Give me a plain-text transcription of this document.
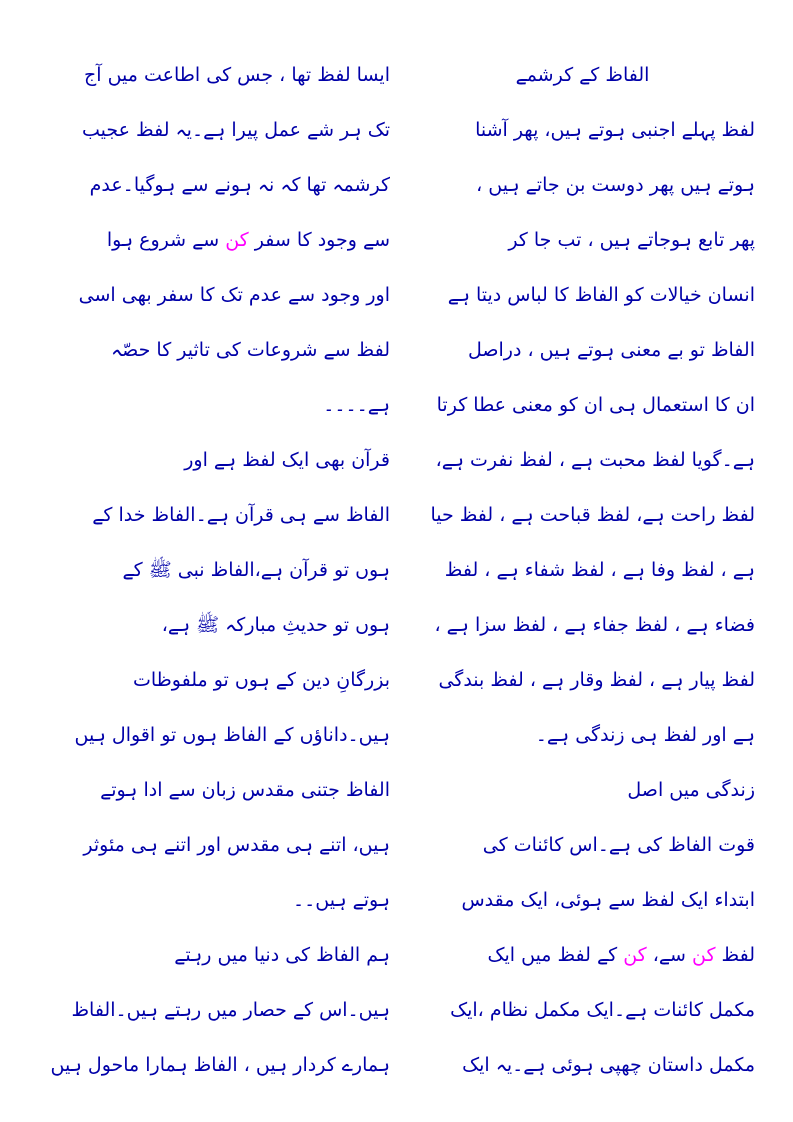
الفاظ کے کرشمے
لفظ پہلے اجنبی ہوتے ہیں، پھر آشنا
ہوتے ہیں پھر دوست بن جاتے ہیں ،
پھر تابع ہوجاتے ہیں ، تب جا کر
انسان خیالات کو الفاظ کا لباس دیتا ہے
الفاظ تو بے معنی ہوتے ہیں ، دراصل
ان کا استعمال ہی ان کو معنی عطا کرتا
ہے۔گویا لفظ محبت ہے ، لفظ نفرت ہے،
لفظ راحت ہے، لفظ قباحت ہے ، لفظ حیا
ہے ، لفظ وفا ہے ، لفظ شفاء ہے ، لفظ
فضاء ہے ، لفظ جفاء ہے ، لفظ سزا ہے ،
لفظ پیار ہے ، لفظ وقار ہے ، لفظ بندگی
ہے اور لفظ ہی زندگی ہے۔
زندگی میں اصل
قوت الفاظ کی ہے۔اس کائنات کی
ابتداء ایک لفظ سے ہوئی، ایک مقدس
لفظ کن سے، کن کے لفظ میں ایک
مکمل کائنات ہے۔ایک مکمل نظام ،ایک
مکمل داستان چھپی ہوئی ہے۔یہ ایک
ایسا لفظ تھا ، جس کی اطاعت میں آج
تک ہر شے عمل پیرا ہے۔یہ لفظ عجیب
کرشمہ تھا کہ نہ ہونے سے ہوگیا۔عدم
سے وجود کا سفر کن سے شروع ہوا
اور وجود سے عدم تک کا سفر بھی اسی
لفظ سے شروعات کی تاثیر کا حصّہ
ہے۔۔۔۔
قرآن بھی ایک لفظ ہے اور
الفاظ سے ہی قرآن ہے۔الفاظ خدا کے
ہوں تو قرآن ہے،الفاظ نبی ﷺ کے
ہوں تو حدیثِ مبارکہ ﷺ ہے،
بزرگانِ دین کے ہوں تو ملفوظات
ہیں۔داناؤں کے الفاظ ہوں تو اقوال ہیں
الفاظ جتنی مقدس زبان سے ادا ہوتے
ہیں، اتنے ہی مقدس اور اتنے ہی مئوثر
ہوتے ہیں۔۔
ہم الفاظ کی دنیا میں رہتے
ہیں۔اس کے حصار میں رہتے ہیں۔الفاظ
ہمارے کردار ہیں ، الفاظ ہمارا ماحول ہیں
